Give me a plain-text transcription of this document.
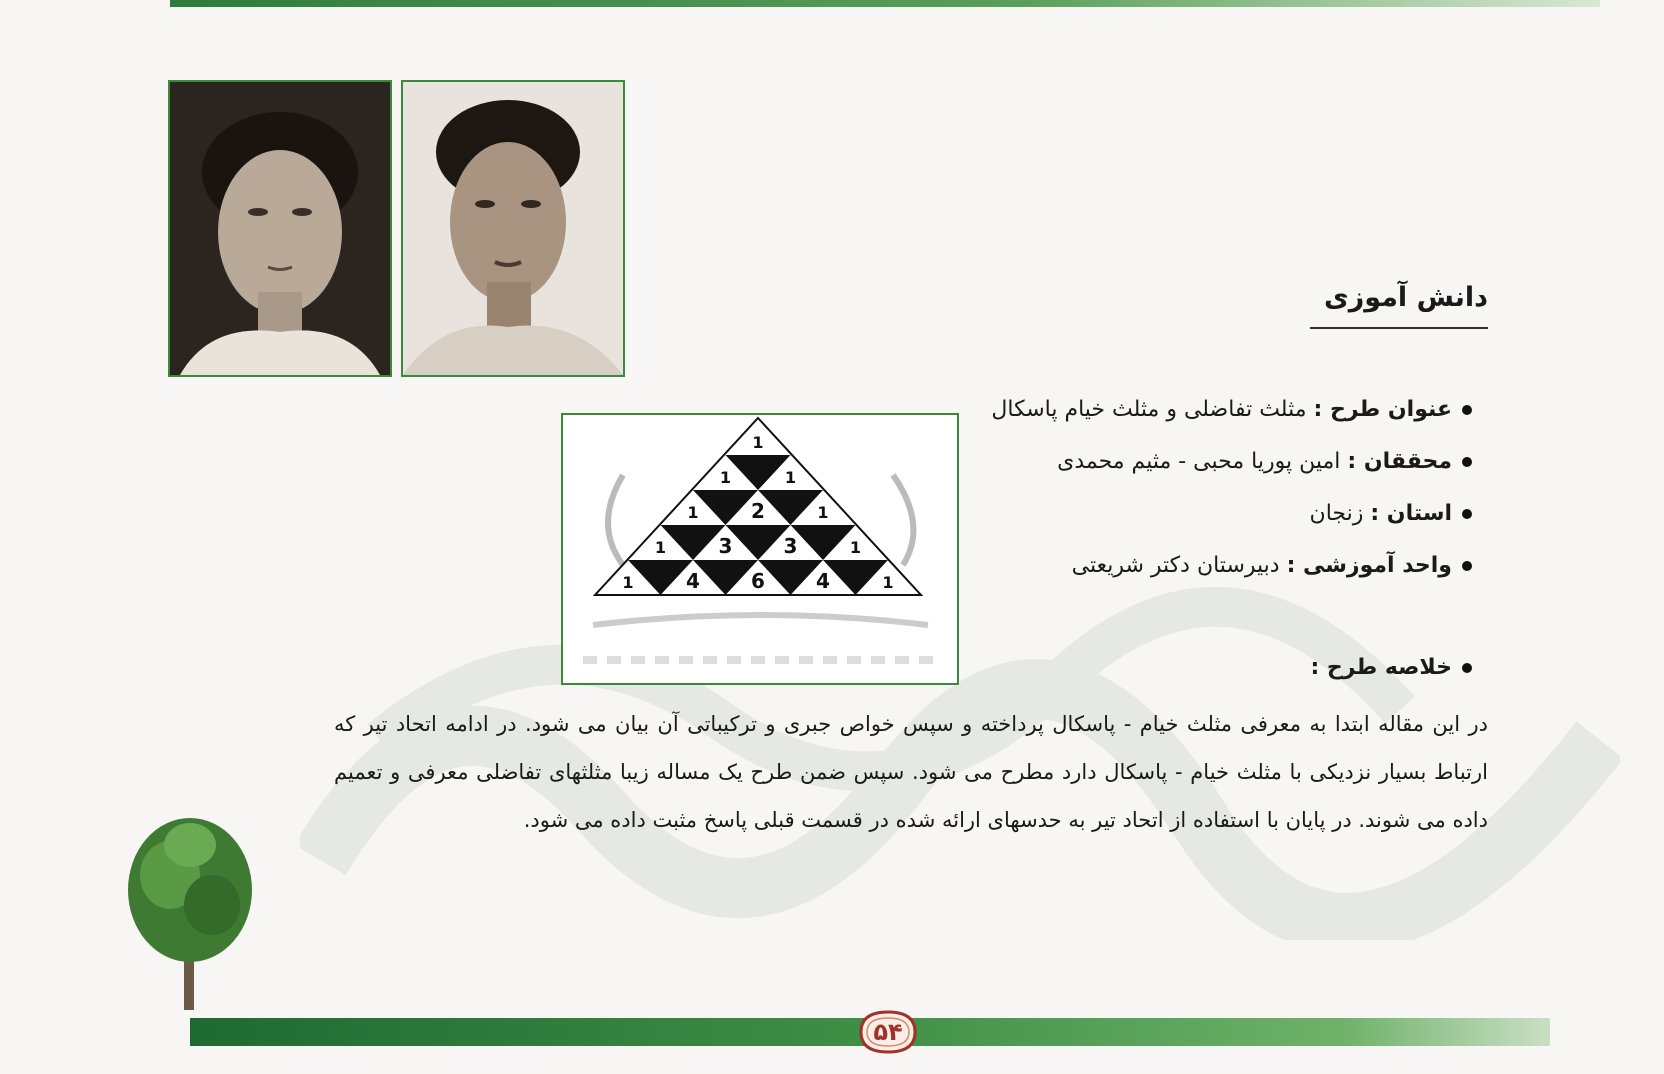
1
1	1
1	2	1
1	3	3	1
1	4	6	4	1
دانش آموزی
عنوان طرح : مثلث تفاضلی و مثلث خیام پاسکال
محققان : امین پوریا محبی - مثیم محمدی
استان : زنجان
واحد آموزشی : دبیرستان دکتر شریعتی
خلاصه طرح :

در این مقاله ابتدا به معرفی مثلث خیام - پاسکال پرداخته و سپس خواص جبری و ترکیباتی آن بیان می شود. در ادامه اتحاد تیر که ارتباط بسیار نزدیکی با مثلث خیام - پاسکال دارد مطرح می شود. سپس ضمن طرح یک مساله زیبا مثلثهای تفاضلی معرفی و تعمیم داده می شوند. در پایان با استفاده از اتحاد تیر به حدسهای ارائه شده در قسمت قبلی پاسخ مثبت داده می شود.

۵۴
